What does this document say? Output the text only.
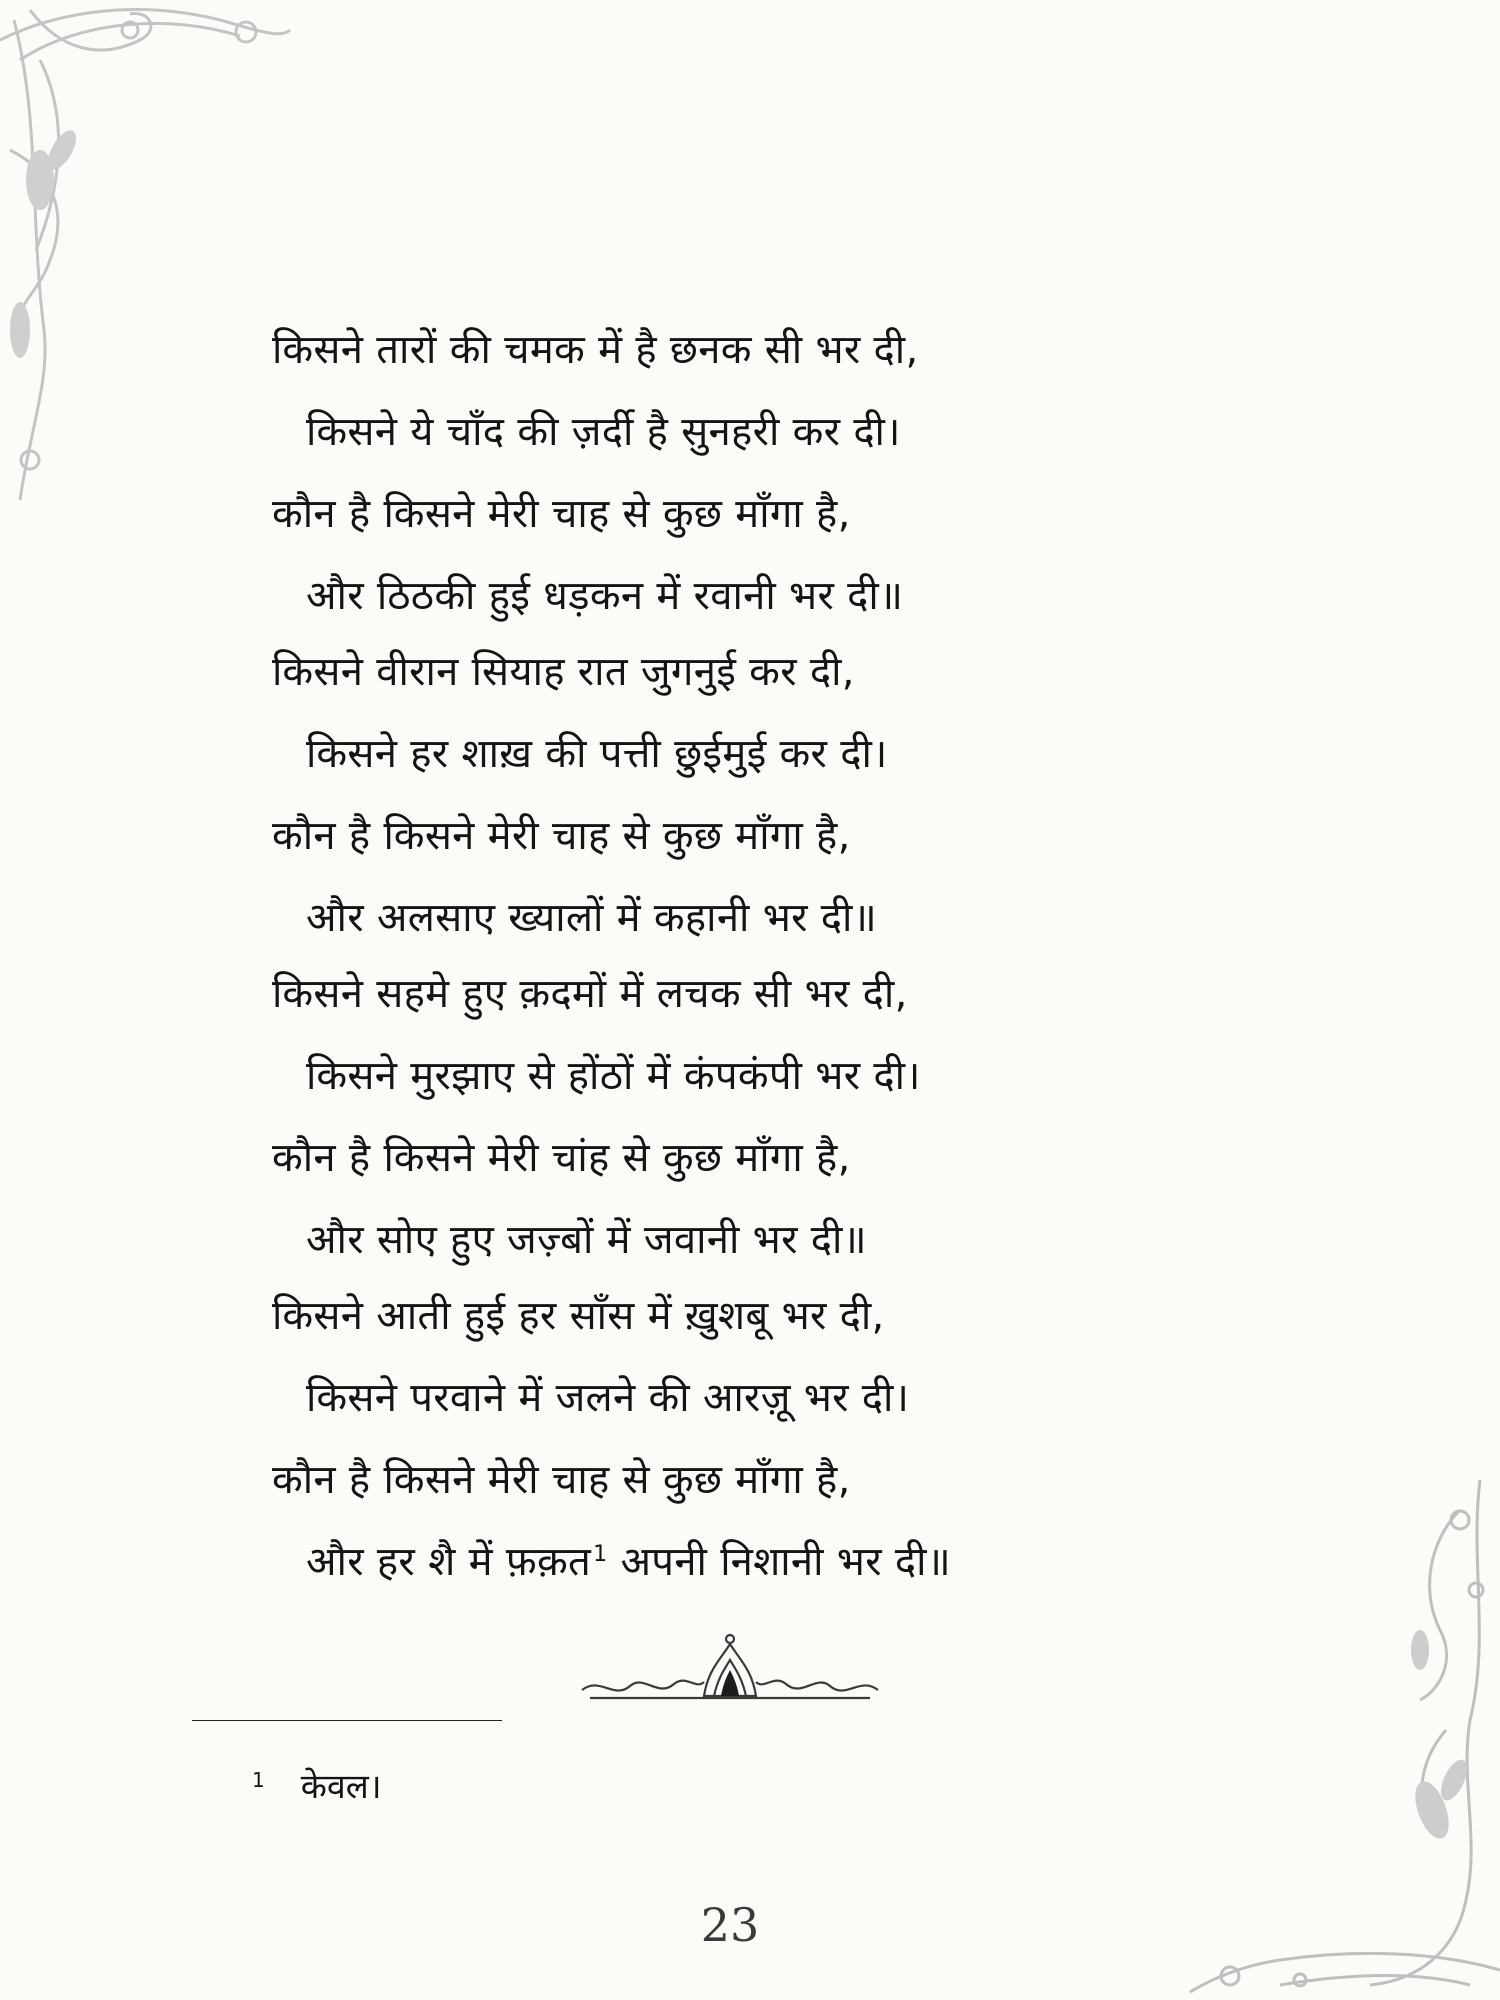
किसने तारों की चमक में है छनक सी भर दी,
किसने ये चाँद की ज़र्दी है सुनहरी कर दी।
कौन है किसने मेरी चाह से कुछ माँगा है,
और ठिठकी हुई धड़कन में रवानी भर दी॥
किसने वीरान सियाह रात जुगनुई कर दी,
किसने हर शाख़ की पत्ती छुईमुई कर दी।
कौन है किसने मेरी चाह से कुछ माँगा है,
और अलसाए ख्यालों में कहानी भर दी॥
किसने सहमे हुए क़दमों में लचक सी भर दी,
किसने मुरझाए से होंठों में कंपकंपी भर दी।
कौन है किसने मेरी चांह से कुछ माँगा है,
और सोए हुए जज़्बों में जवानी भर दी॥
किसने आती हुई हर साँस में ख़ुशबू भर दी,
किसने परवाने में जलने की आरज़ू भर दी।
कौन है किसने मेरी चाह से कुछ माँगा है,
और हर शै में फ़क़त$^1$ अपनी निशानी भर दी॥
$^1$ केवल।
23
